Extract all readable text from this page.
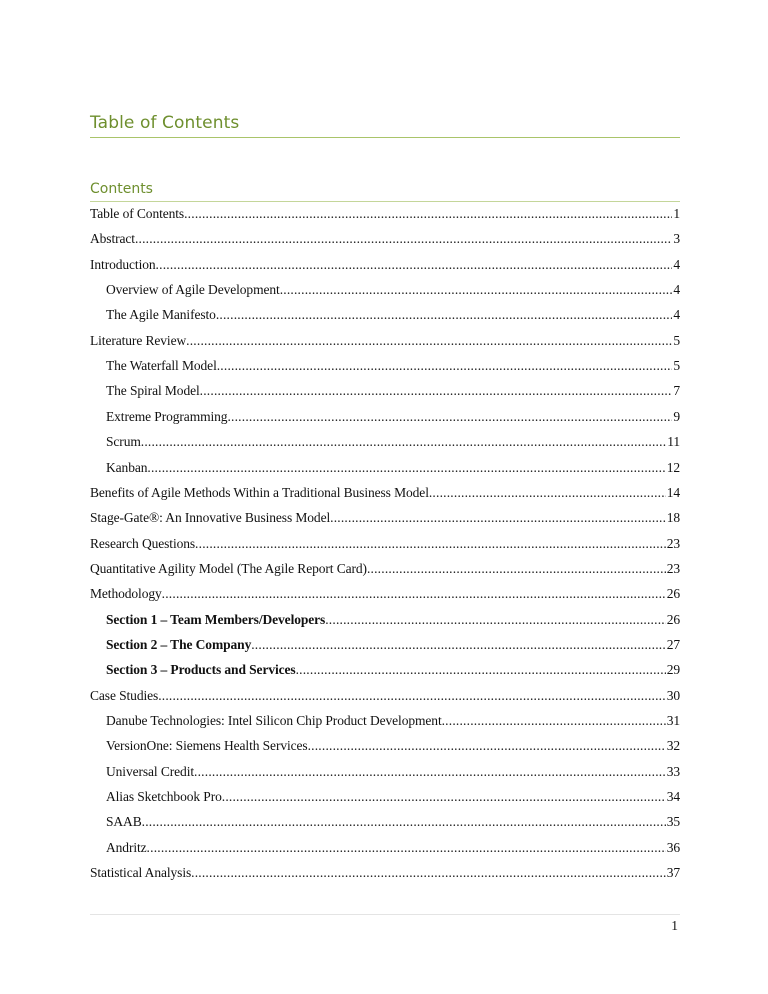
Table of Contents
Contents
Table of Contents .....	1
Abstract .....	3
Introduction .....	4
Overview of Agile Development .....	4
The Agile Manifesto .....	4
Literature Review .....	5
The Waterfall Model .....	5
The Spiral Model .....	7
Extreme Programming .....	9
Scrum .....	11
Kanban .....	12
Benefits of Agile Methods Within a Traditional Business Model .....	14
Stage-Gate®: An Innovative Business Model .....	18
Research Questions .....	23
Quantitative Agility Model (The Agile Report Card) .....	23
Methodology .....	26
Section 1 – Team Members/Developers .....	26
Section 2 – The Company .....	27
Section 3 – Products and Services .....	29
Case Studies .....	30
Danube Technologies: Intel Silicon Chip Product Development .....	31
VersionOne: Siemens Health Services .....	32
Universal Credit .....	33
Alias Sketchbook Pro .....	34
SAAB .....	35
Andritz .....	36
Statistical Analysis .....	37
1
